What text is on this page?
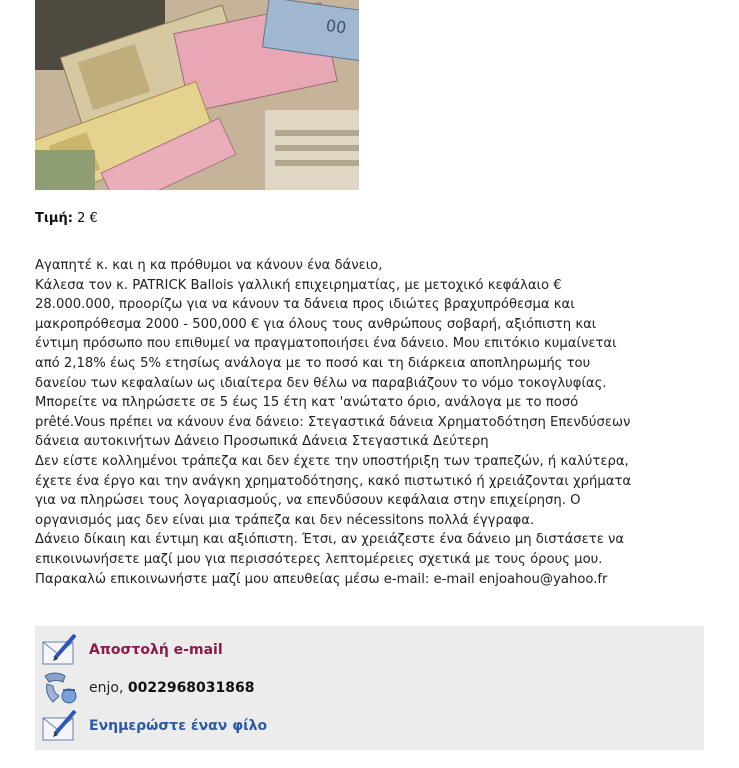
00
Τιμή: 2 €

Αγαπητέ κ. και η κα πρόθυμοι να κάνουν ένα δάνειο,

Κάλεσα τον κ. PATRICK Ballois γαλλική επιχειρηματίας, με μετοχικό κεφάλαιο €

28.000.000, προορίζω για να κάνουν τα δάνεια προς ιδιώτες βραχυπρόθεσμα και

μακροπρόθεσμα 2000 - 500,000 € για όλους τους ανθρώπους σοβαρή, αξιόπιστη και

έντιμη πρόσωπο που επιθυμεί να πραγματοποιήσει ένα δάνειο. Μου επιτόκιο κυμαίνεται

από 2,18% έως 5% ετησίως ανάλογα με το ποσό και τη διάρκεια αποπληρωμής του

δανείου των κεφαλαίων ως ιδιαίτερα δεν θέλω να παραβιάζουν το νόμο τοκογλυφίας.

Μπορείτε να πληρώσετε σε 5 έως 15 έτη κατ 'ανώτατο όριο, ανάλογα με το ποσό

prêté.Vous πρέπει να κάνουν ένα δάνειο: Στεγαστικά δάνεια Χρηματοδότηση Επενδύσεων

δάνεια αυτοκινήτων Δάνειο Προσωπικά Δάνεια Στεγαστικά Δεύτερη

Δεν είστε κολλημένοι τράπεζα και δεν έχετε την υποστήριξη των τραπεζών, ή καλύτερα,

έχετε ένα έργο και την ανάγκη χρηματοδότησης, κακό πιστωτικό ή χρειάζονται χρήματα

για να πληρώσει τους λογαριασμούς, να επενδύσουν κεφάλαια στην επιχείρηση. Ο

οργανισμός μας δεν είναι μια τράπεζα και δεν nécessitons πολλά έγγραφα.

Δάνειο δίκαιη και έντιμη και αξιόπιστη. Έτσι, αν χρειάζεστε ένα δάνειο μη διστάσετε να

επικοινωνήσετε μαζί μου για περισσότερες λεπτομέρειες σχετικά με τους όρους μου.

Παρακαλώ επικοινωνήστε μαζί μου απευθείας μέσω e-mail: e-mail enjoahou@yahoo.fr

Αποστολή e-mail
enjo, 0022968031868
Ενημερώστε έναν φίλο
